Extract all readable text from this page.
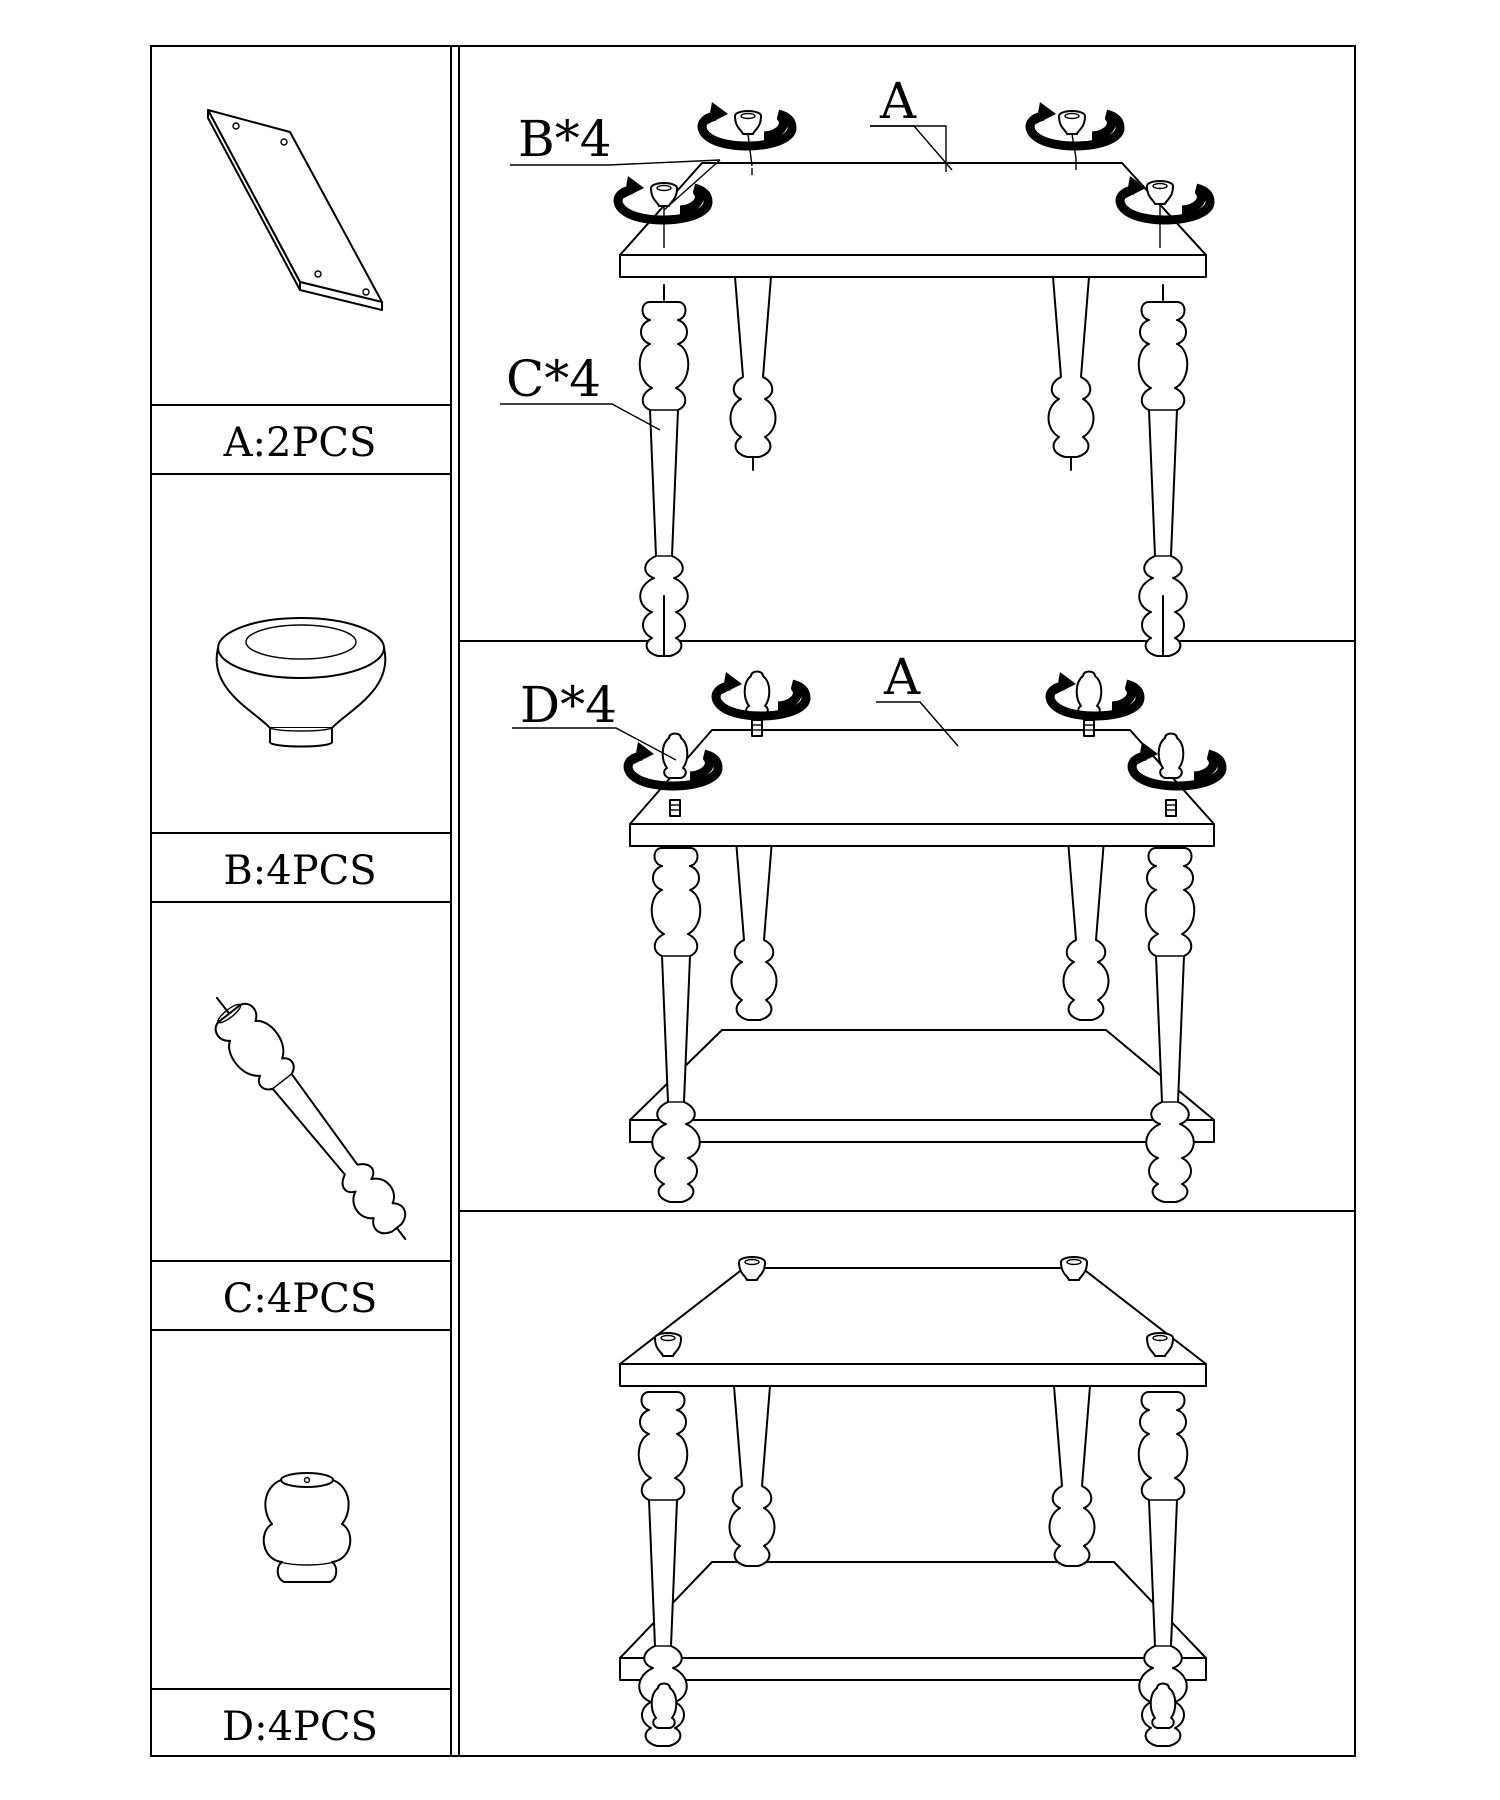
A:2PCS
B:4PCS
C:4PCS
D:4PCS
B*4
A
C*4
D*4	A
